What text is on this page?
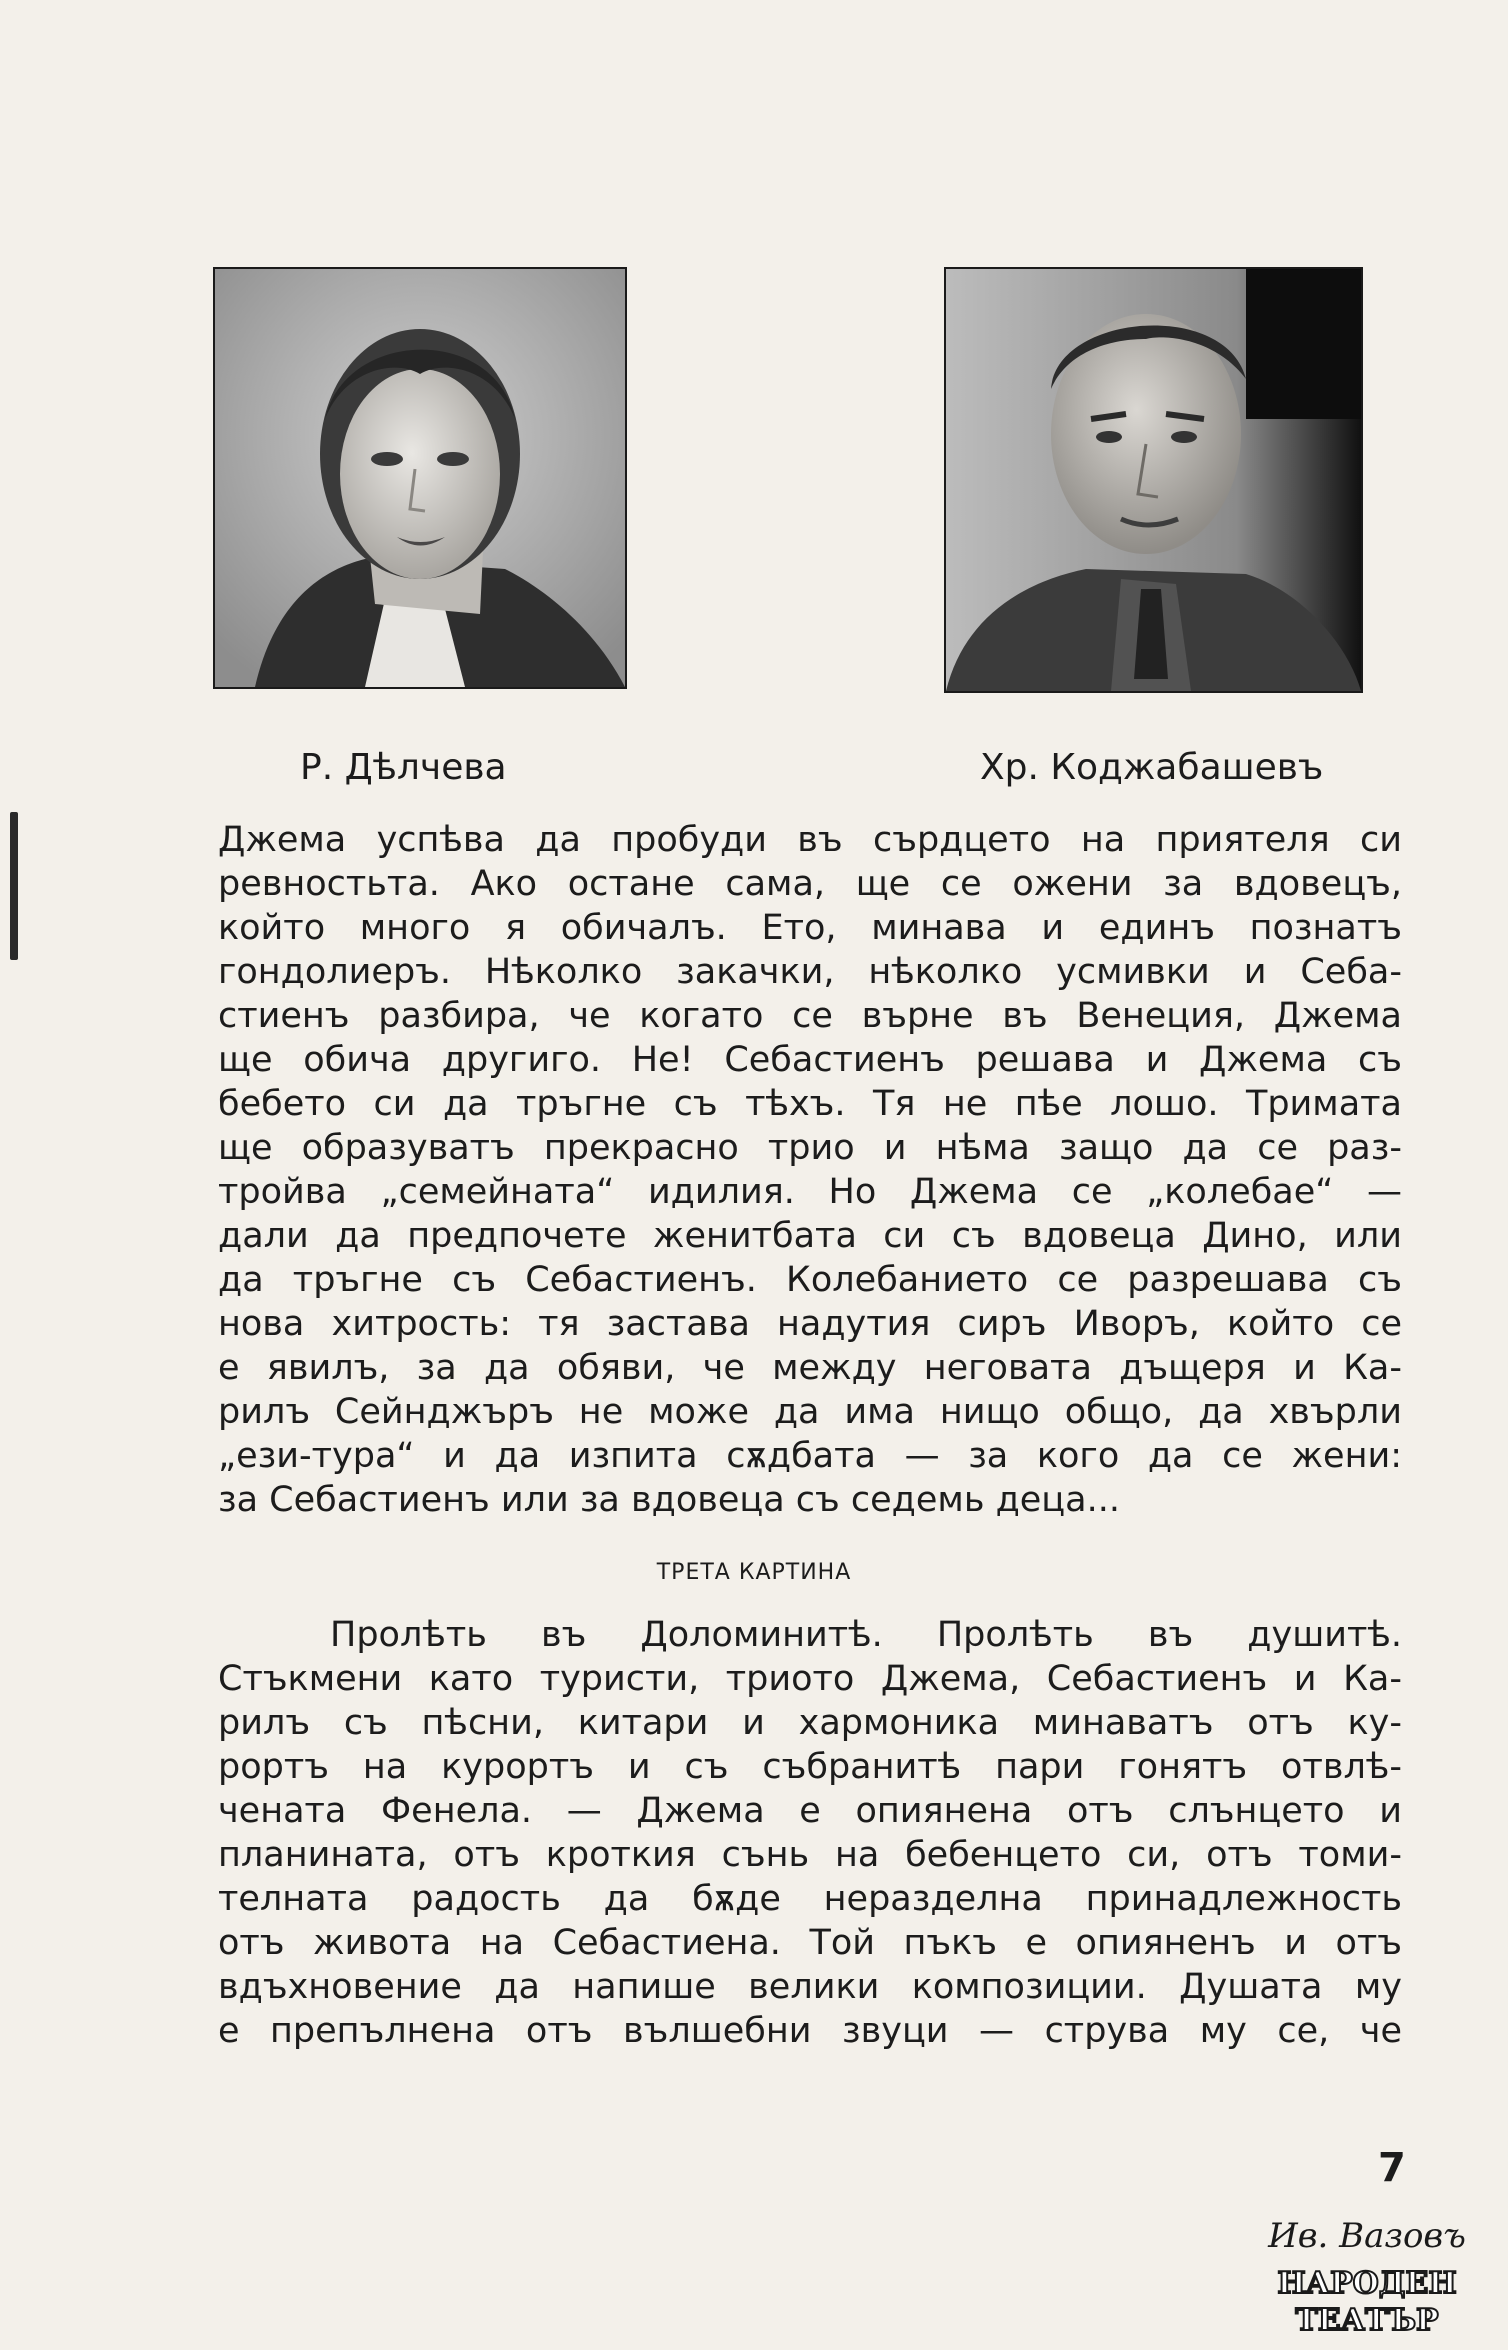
Р. Дѣлчева	Хр. Коджабашевъ
Джема успѣва да пробуди въ сърдцето на приятеля си
ревностьта. Ако остане сама, ще се ожени за вдовецъ,
който много я обичалъ. Ето, минава и единъ познатъ
гондолиеръ. Нѣколко закачки, нѣколко усмивки и Себа-
стиенъ разбира, че когато се върне въ Венеция, Джема
ще обича другиго. Не! Себастиенъ решава и Джема съ
бебето си да тръгне съ тѣхъ. Тя не пѣе лошо. Тримата
ще образуватъ прекрасно трио и нѣма защо да се раз-
тройва „семейната“ идилия. Но Джема се „колебае“ —
дали да предпочете женитбата си съ вдовеца Дино, или
да тръгне съ Себастиенъ. Колебанието се разрешава съ
нова хитрость: тя застава надутия сиръ Иворъ, който се
е явилъ, за да обяви, че между неговата дъщеря и Ка-
рилъ Сейнджъръ не може да има нищо общо, да хвърли
„ези-тура“ и да изпита сѫдбата — за кого да се жени:
за Себастиенъ или за вдовеца съ седемь деца...
ТРЕТА КАРТИНА
Пролѣть въ Доломинитѣ. Пролѣть въ душитѣ.
Стъкмени като туристи, триото Джема, Себастиенъ и Ка-
рилъ съ пѣсни, китари и хармоника минаватъ отъ ку-
рортъ на курортъ и съ събранитѣ пари гонятъ отвлѣ-
чената Фенела. — Джема е опиянена отъ слънцето и
планината, отъ кроткия сънь на бебенцето си, отъ томи-
телната радость да бѫде неразделна принадлежность
отъ живота на Себастиена. Той пъкъ е опияненъ и отъ
вдъхновение да напише велики композиции. Душата му
е препълнена отъ вълшебни звуци — струва му се, че
7
Ив. Вазовъ
НАРОДЕН
ТЕАТЪР
